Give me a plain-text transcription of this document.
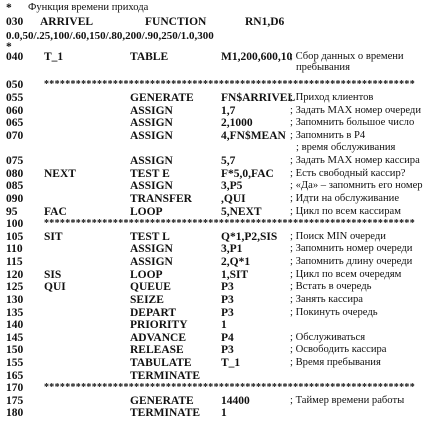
* Функция времени прихода
030 ARRIVEL	FUNCTION	RN1,D6
0.0,50/.25,100/.60,150/.80,200/.90,250/1.0,300
*
040 T_1	TABLE	M1,200,600,10
; Сбор данных о времени
пребывания
050 **********************************************************************
055	GENERATE FN$ARRIVEL
; Приход клиентов
060	ASSIGN	1,7	; Задать MAX номер очереди
065	ASSIGN	2,1000	; Запомнить большое число
070	ASSIGN	4,FN$MEAN ; Запомнить в P4
; время обслуживания
075	ASSIGN	5,7	; Задать MAX номер кассира
080 NEXT	TEST E	F*5,0,FAC ; Есть свободный кассир?
085	ASSIGN	3,P5	; «Да» – запомнить его номер
090	TRANSFER	,QUI	; Идти на обслуживание
95 FAC	LOOP	5,NEXT	; Цикл по всем кассирам
100 **********************************************************************
105 SIT	TEST L	Q*1,P2,SIS ; Поиск MIN очереди
110	ASSIGN	3,P1	; Запомнить номер очереди
115	ASSIGN	2,Q*1	; Запомнить длину очереди
120 SIS	LOOP	1,SIT	; Цикл по всем очередям
125 QUI	QUEUE	P3	; Встать в очередь
130	SEIZE	P3	; Занять кассира
135	DEPART	P3	; Покинуть очередь
140	PRIORITY	1
145	ADVANCE	P4	; Обслуживаться
150	RELEASE	P3	; Освободить кассира
155	TABULATE	T_1	; Время пребывания
165	TERMINATE
170 **********************************************************************
175	GENERATE 14400	; Таймер времени работы
180	TERMINATE 1
